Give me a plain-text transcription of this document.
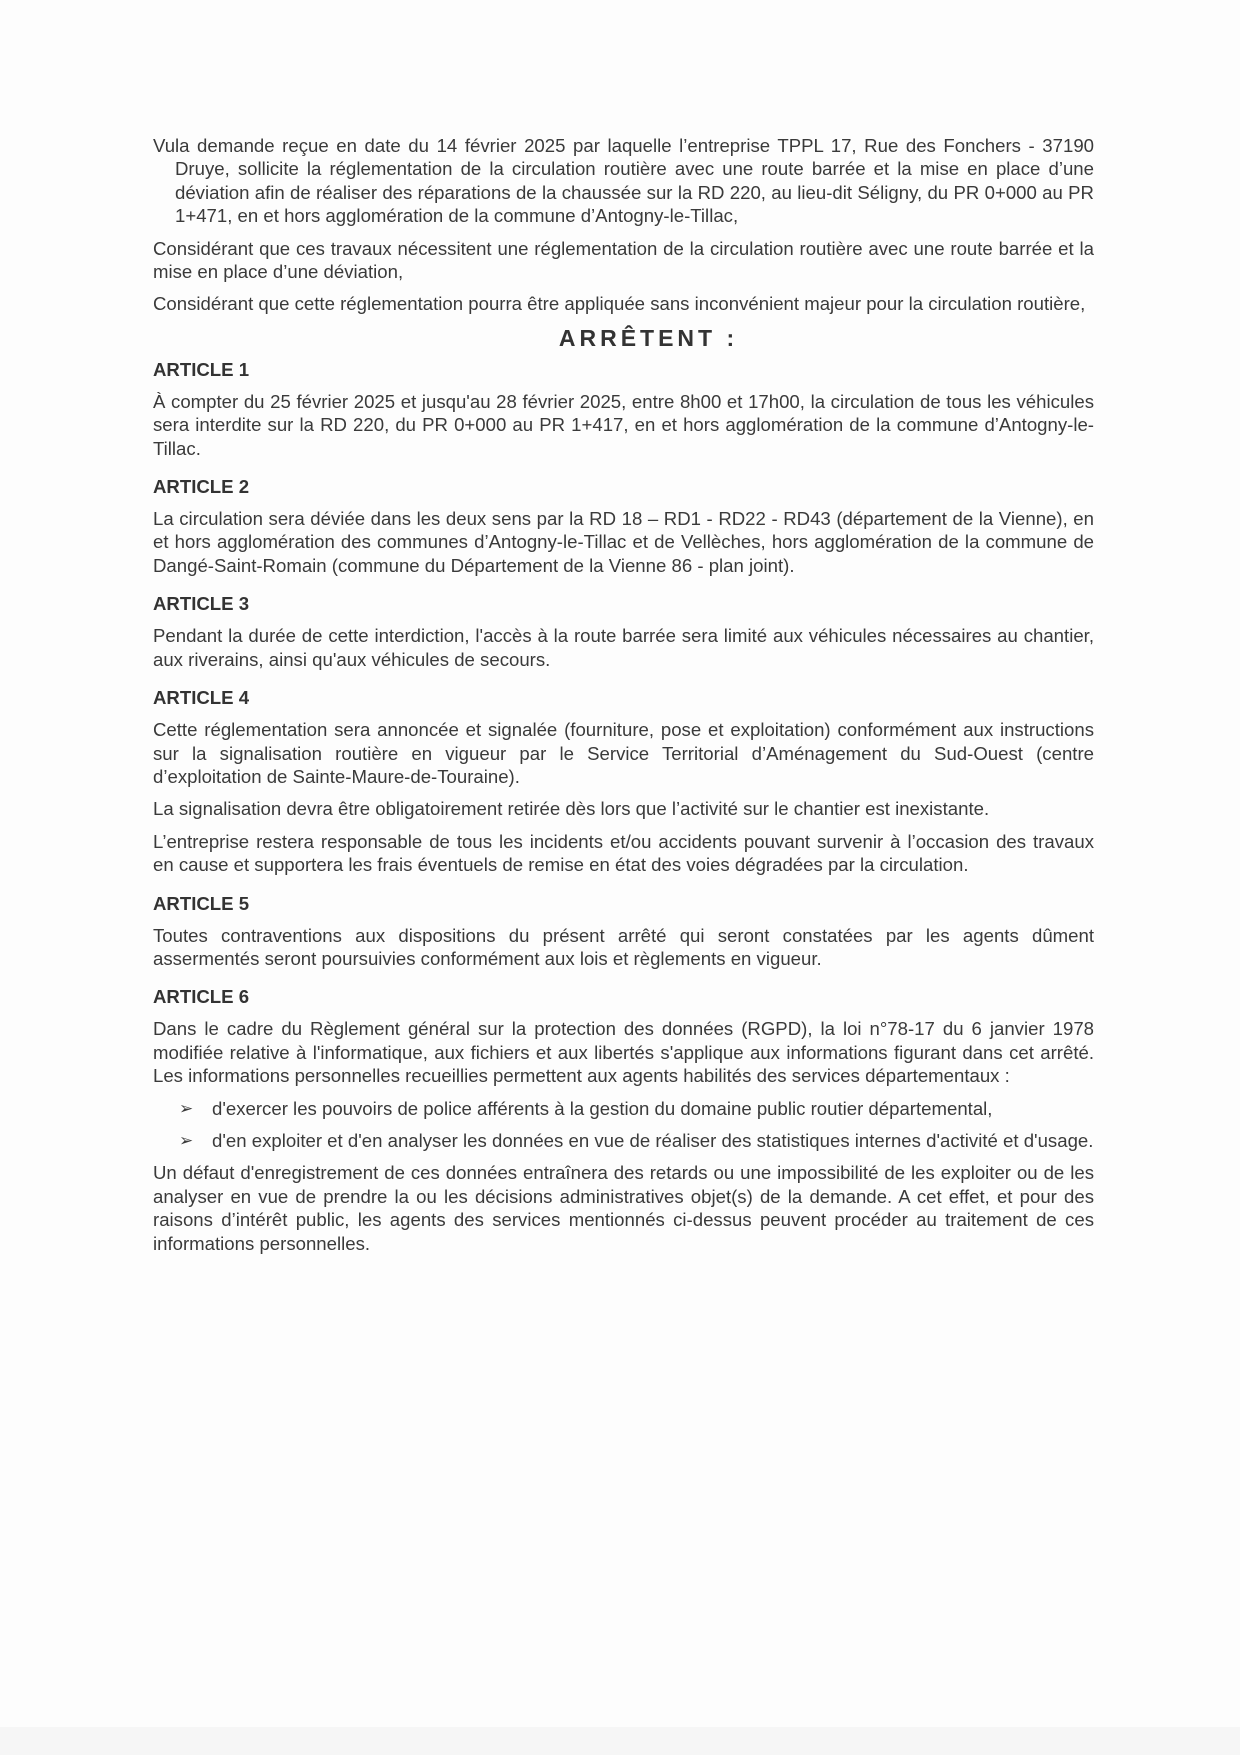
Vu la demande reçue en date du 14 février 2025 par laquelle l’entreprise TPPL 17, Rue des Fonchers - 37190 Druye, sollicite la réglementation de la circulation routière avec une route barrée et la mise en place d’une déviation afin de réaliser des réparations de la chaussée sur la RD 220, au lieu-dit Séligny, du PR 0+000 au PR 1+471, en et hors agglomération de la commune d’Antogny-le-Tillac,

Considérant que ces travaux nécessitent une réglementation de la circulation routière avec une route barrée et la mise en place d’une déviation,

Considérant que cette réglementation pourra être appliquée sans inconvénient majeur pour la circulation routière,

ARRÊTENT :
ARTICLE 1

À compter du 25 février 2025 et jusqu'au 28 février 2025, entre 8h00 et 17h00, la circulation de tous les véhicules sera interdite sur la RD 220, du PR 0+000 au PR 1+417, en et hors agglomération de la commune d’Antogny-le-Tillac.

ARTICLE 2

La circulation sera déviée dans les deux sens par la RD 18 – RD1 - RD22 - RD43 (département de la Vienne), en et hors agglomération des communes d’Antogny-le-Tillac et de Vellèches, hors agglomération de la commune de Dangé-Saint-Romain (commune du Département de la Vienne 86 - plan joint).

ARTICLE 3

Pendant la durée de cette interdiction, l'accès à la route barrée sera limité aux véhicules nécessaires au chantier, aux riverains, ainsi qu'aux véhicules de secours.

ARTICLE 4

Cette réglementation sera annoncée et signalée (fourniture, pose et exploitation) conformément aux instructions sur la signalisation routière en vigueur par le Service Territorial d’Aménagement du Sud-Ouest (centre d’exploitation de Sainte-Maure-de-Touraine).

La signalisation devra être obligatoirement retirée dès lors que l’activité sur le chantier est inexistante.

L’entreprise restera responsable de tous les incidents et/ou accidents pouvant survenir à l’occasion des travaux en cause et supportera les frais éventuels de remise en état des voies dégradées par la circulation.

ARTICLE 5

Toutes contraventions aux dispositions du présent arrêté qui seront constatées par les agents dûment assermentés seront poursuivies conformément aux lois et règlements en vigueur.

ARTICLE 6

Dans le cadre du Règlement général sur la protection des données (RGPD), la loi n°78-17 du 6 janvier 1978 modifiée relative à l'informatique, aux fichiers et aux libertés s'applique aux informations figurant dans cet arrêté. Les informations personnelles recueillies permettent aux agents habilités des services départementaux :

➢	d'exercer les pouvoirs de police afférents à la gestion du domaine public routier départemental,
➢	d'en exploiter et d'en analyser les données en vue de réaliser des statistiques internes d'activité et d'usage.

Un défaut d'enregistrement de ces données entraînera des retards ou une impossibilité de les exploiter ou de les analyser en vue de prendre la ou les décisions administratives objet(s) de la demande. A cet effet, et pour des raisons d’intérêt public, les agents des services mentionnés ci-dessus peuvent procéder au traitement de ces informations personnelles.
